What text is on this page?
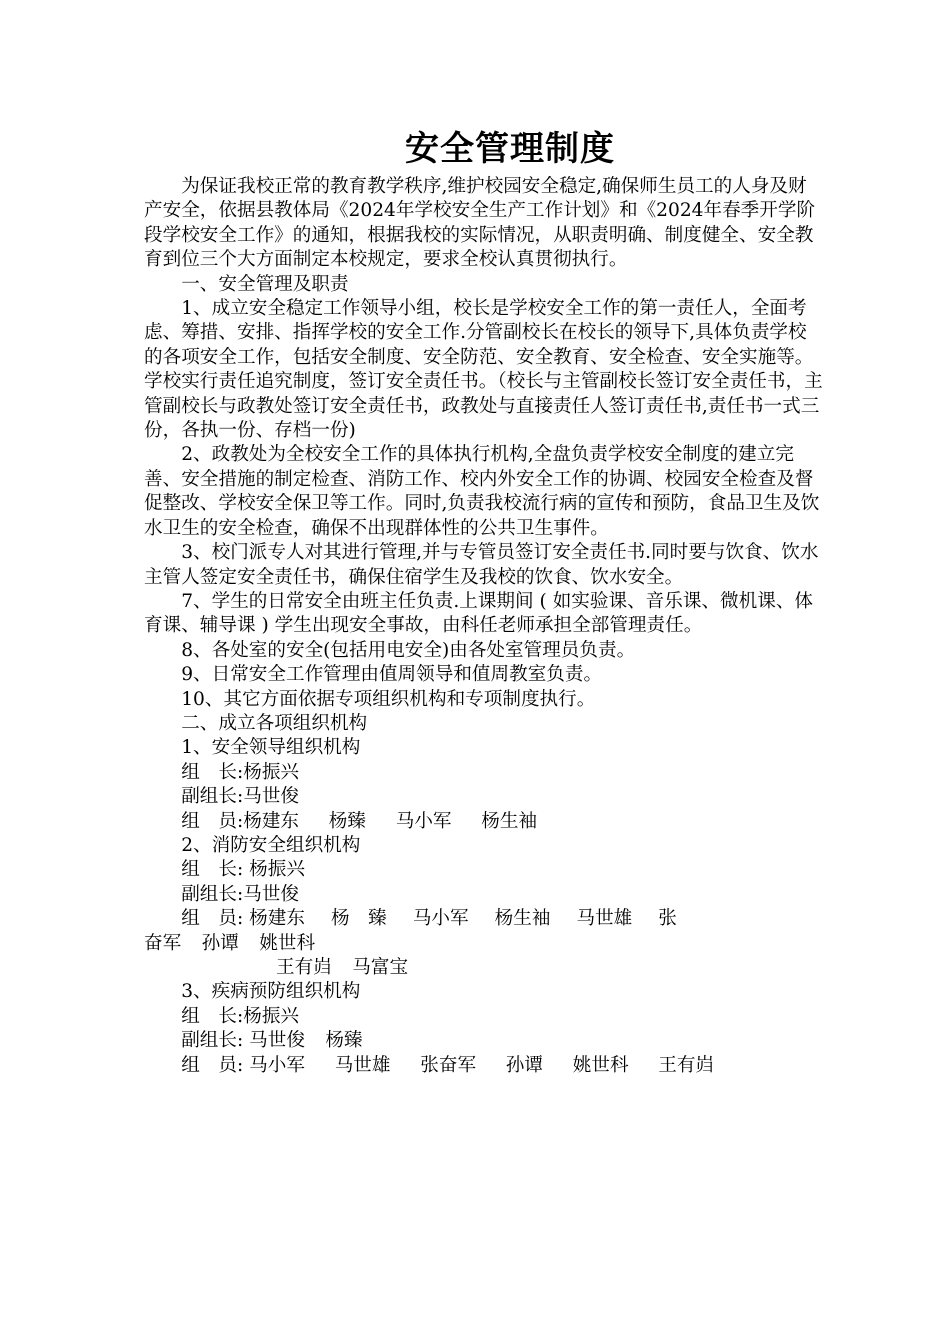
安全管理制度

为保证我校正常的教育教学秩序,维护校园安全稳定,确保师生员工的人身及财产安全，依据县教体局《2024年学校安全生产工作计划》和《2024年春季开学阶段学校安全工作》的通知，根据我校的实际情况，从职责明确、制度健全、安全教育到位三个大方面制定本校规定，要求全校认真贯彻执行。

一、安全管理及职责

1、成立安全稳定工作领导小组，校长是学校安全工作的第一责任人，全面考虑、筹措、安排、指挥学校的安全工作.分管副校长在校长的领导下,具体负责学校的各项安全工作，包括安全制度、安全防范、安全教育、安全检查、安全实施等。学校实行责任追究制度，签订安全责任书。（校长与主管副校长签订安全责任书，主管副校长与政教处签订安全责任书，政教处与直接责任人签订责任书,责任书一式三份，各执一份、存档一份)

2、政教处为全校安全工作的具体执行机构,全盘负责学校安全制度的建立完善、安全措施的制定检查、消防工作、校内外安全工作的协调、校园安全检查及督促整改、学校安全保卫等工作。同时,负责我校流行病的宣传和预防，食品卫生及饮水卫生的安全检查，确保不出现群体性的公共卫生事件。

3、校门派专人对其进行管理,并与专管员签订安全责任书.同时要与饮食、饮水主管人签定安全责任书，确保住宿学生及我校的饮食、饮水安全。

7、学生的日常安全由班主任负责.上课期间 ( 如实验课、音乐课、微机课、体育课、辅导课 ) 学生出现安全事故，由科任老师承担全部管理责任。

8、各处室的安全(包括用电安全)由各处室管理员负责。

9、日常安全工作管理由值周领导和值周教室负责。

10、其它方面依据专项组织机构和专项制度执行。

二、成立各项组织机构

1、安全领导组织机构
组　长:杨振兴
副组长:马世俊
组　员:杨建东 杨臻 马小军 杨生袖
2、消防安全组织机构
组　长: 杨振兴
副组长:马世俊
组　员: 杨建东 杨　臻 马小军 杨生袖 马世雄 张
奋军 孙谭 姚世科
王有岿 马富宝
3、疾病预防组织机构
组　长:杨振兴
副组长: 马世俊 杨臻
组　员: 马小军 马世雄 张奋军 孙谭 姚世科 王有岿
